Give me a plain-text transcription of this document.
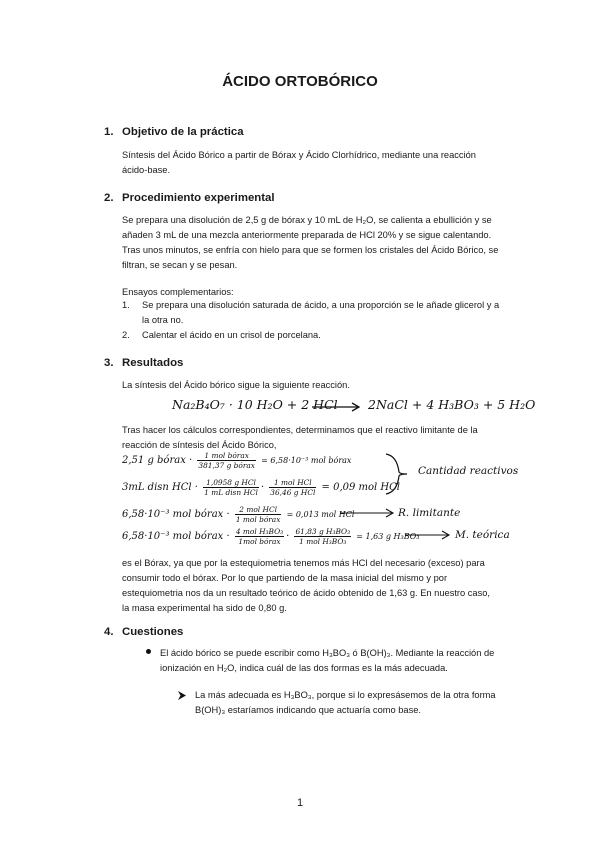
ÁCIDO ORTOBÓRICO
1. Objetivo de la práctica
Síntesis del Ácido Bórico a partir de Bórax y Ácido Clorhídrico, mediante una reacción
ácido-base.
2. Procedimiento experimental
Se prepara una disolución de 2,5 g de bórax y 10 mL de H₂O, se calienta a ebullición y se
añaden 3 mL de una mezcla anteriormente preparada de HCl 20% y se sigue calentando.
Tras unos minutos, se enfría con hielo para que se formen los cristales del Ácido Bórico, se
filtran, se secan y se pesan.
Ensayos complementarios:
1.	Se prepara una disolución saturada de ácido, a una proporción se le añade glicerol y a
la otra no.
2.	Calentar el ácido en un crisol de porcelana.
3. Resultados
La síntesis del Ácido bórico sigue la siguiente reacción.
Na₂B₄O₇ · 10 H₂O + 2 HCl → 2NaCl + 4 H₃BO₃ + 5 H₂O
Tras hacer los cálculos correspondientes, determinamos que el reactivo limitante de la
reacción de síntesis del Ácido Bórico,
2,51 g bórax · $\frac{\text{1 mol bórax}}{\text{381,37 g bórax}} = 6,58\cdot 10^{-3}$ mol bórax
3mL disn HCl · $\frac{\text{1,0958 g HCl}}{\text{1 mL disn HCl}} \cdot \frac{\text{1 mol HCl}}{\text{36,46 g HCl}} = 0,09$ mol HCl
Cantidad reactivos
6,58·10⁻³ mol bórax · $\frac{\text{2 mol HCl}}{\text{1 mol bórax}} = 0,013$ mol HCl	R. limitante
6,58·10⁻³ mol bórax · $\frac{\text{4 mol H₃BO₃}}{\text{1mol bórax}} \cdot \frac{\text{61,83 g H₃BO₃}}{\text{1 mol H₃BO₃}} = 1,63$ g H₃BO₃	M. teórica
es el Bórax, ya que por la estequiometria tenemos más HCl del necesario (exceso) para
consumir todo el bórax. Por lo que partiendo de la masa inicial del mismo y por
estequiometria nos da un resultado teórico de ácido obtenido de 1,63 g. En nuestro caso,
la masa experimental ha sido de 0,80 g.
4. Cuestiones
El ácido bórico se puede escribir como H₃BO₃ ó B(OH)₃. Mediante la reacción de
ionización en H₂O, indica cuál de las dos formas es la más adecuada.
La más adecuada es H₃BO₃, porque si lo expresásemos de la otra forma
B(OH)₃ estaríamos indicando que actuaría como base.
1
